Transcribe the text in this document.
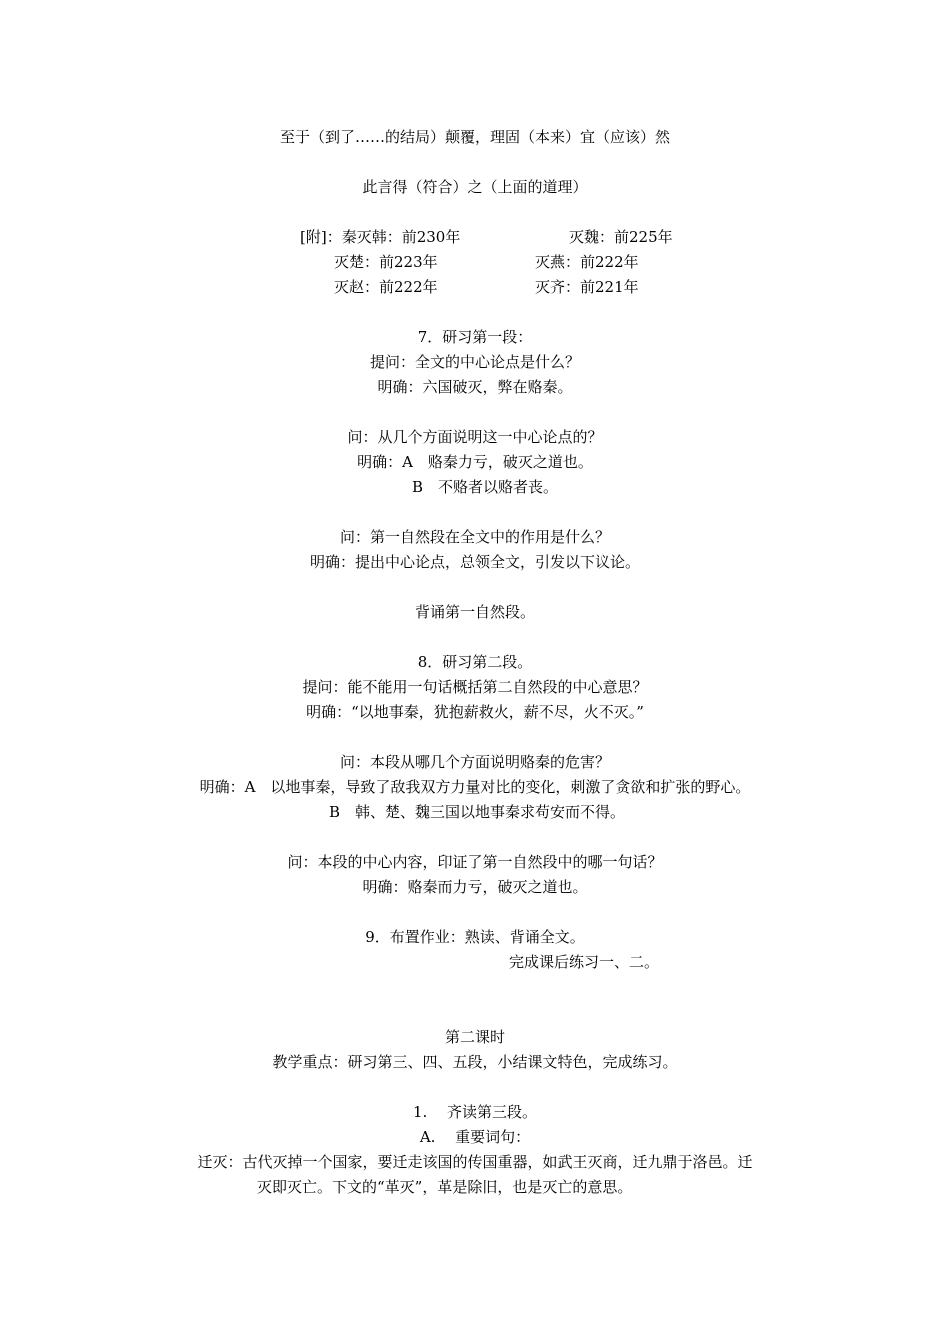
至于（到了……的结局）颠覆，理固（本来）宜（应该）然
此言得（符合）之（上面的道理）
[附]：秦灭韩：前230年	灭魏：前225年
灭楚：前223年	灭燕：前222年
灭赵：前222年	灭齐：前221年
7．研习第一段：
提问：全文的中心论点是什么？
明确：六国破灭，弊在赂秦。
问：从几个方面说明这一中心论点的？
明确：A　赂秦力亏，破灭之道也。
B　不赂者以赂者丧。
问：第一自然段在全文中的作用是什么？
明确：提出中心论点，总领全文，引发以下议论。
背诵第一自然段。
8．研习第二段。
提问：能不能用一句话概括第二自然段的中心意思？
明确：“以地事秦，犹抱薪救火，薪不尽，火不灭。”
问：本段从哪几个方面说明赂秦的危害？
明确：A　以地事秦，导致了敌我双方力量对比的变化，刺激了贪欲和扩张的野心。
B　韩、楚、魏三国以地事秦求苟安而不得。
问：本段的中心内容，印证了第一自然段中的哪一句话？
明确：赂秦而力亏，破灭之道也。
9．布置作业：熟读、背诵全文。
完成课后练习一、二。
第二课时
教学重点：研习第三、四、五段，小结课文特色，完成练习。
1.　 齐读第三段。
A.　 重要词句：
迁灭：古代灭掉一个国家，要迁走该国的传国重器，如武王灭商，迁九鼎于洛邑。迁
灭即灭亡。下文的“革灭”，革是除旧，也是灭亡的意思。
